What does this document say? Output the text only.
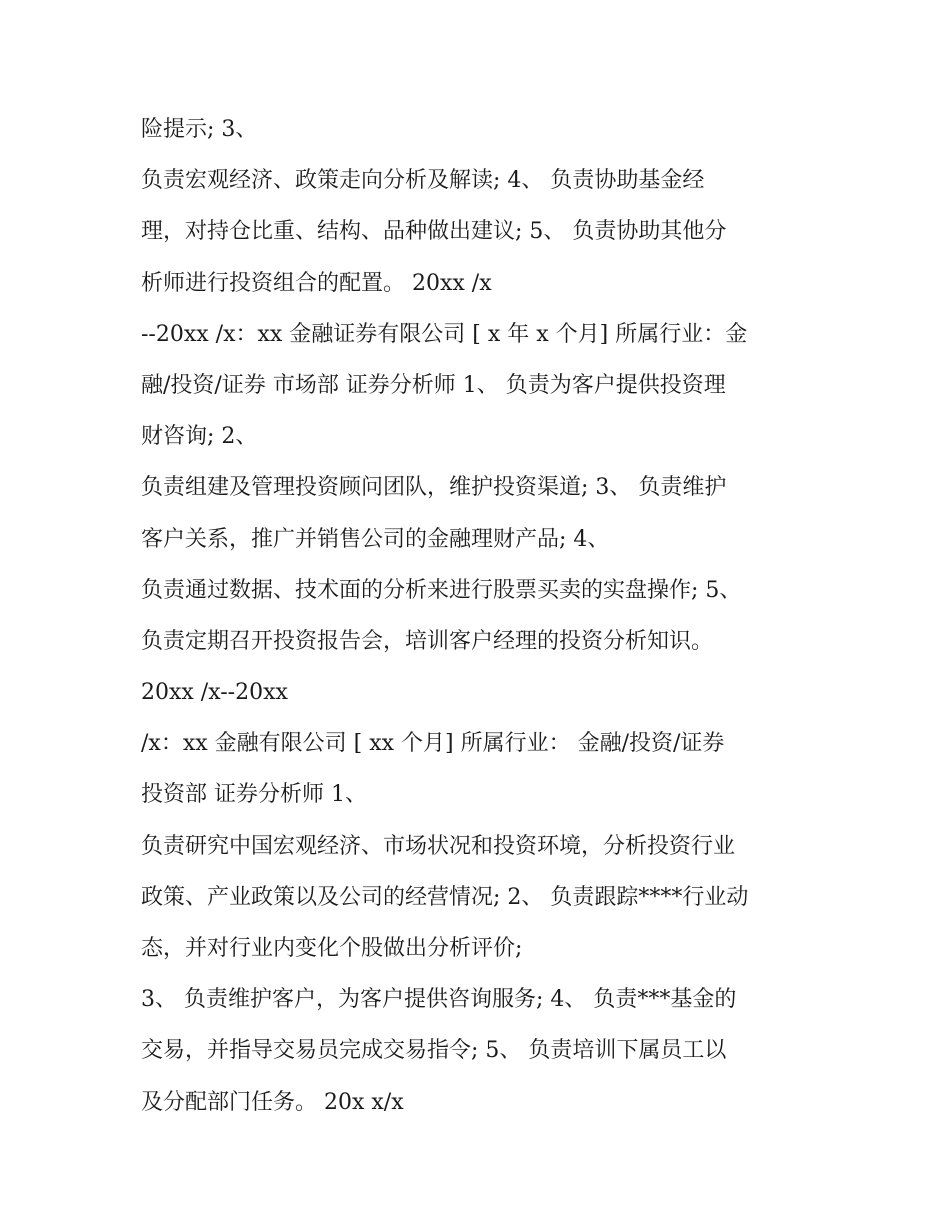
险提示; 3、
负责宏观经济、政策走向分析及解读; 4、 负责协助基金经
理，对持仓比重、结构、品种做出建议; 5、 负责协助其他分
析师进行投资组合的配置。 20xx /x
--20xx /x：xx 金融证券有限公司 [ x 年 x 个月] 所属行业：金
融/投资/证券 市场部 证券分析师 1、 负责为客户提供投资理
财咨询; 2、
负责组建及管理投资顾问团队，维护投资渠道; 3、 负责维护
客户关系，推广并销售公司的金融理财产品; 4、
负责通过数据、技术面的分析来进行股票买卖的实盘操作; 5、
负责定期召开投资报告会，培训客户经理的投资分析知识。
20xx /x--20xx
/x：xx 金融有限公司 [ xx 个月] 所属行业： 金融/投资/证券
投资部 证券分析师 1、
负责研究中国宏观经济、市场状况和投资环境，分析投资行业
政策、产业政策以及公司的经营情况; 2、 负责跟踪****行业动
态，并对行业内变化个股做出分析评价;
3、 负责维护客户，为客户提供咨询服务; 4、 负责***基金的
交易，并指导交易员完成交易指令; 5、 负责培训下属员工以
及分配部门任务。 20x x/x
